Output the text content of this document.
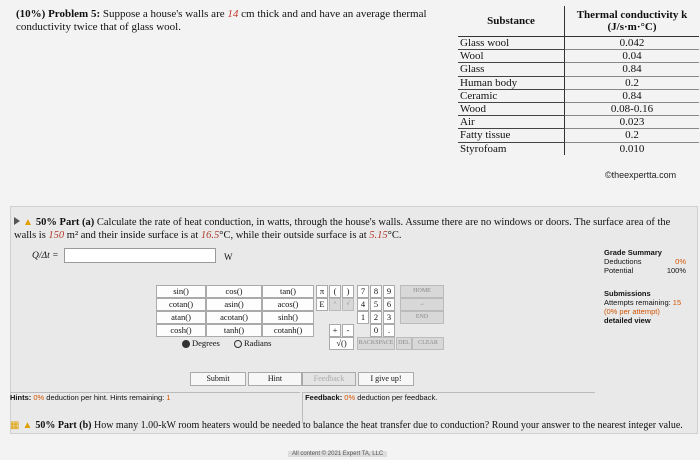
(10%) Problem 5: Suppose a house's walls are 14 cm thick and and have an average thermal conductivity twice that of glass wool.	Substance	Thermal conductivity k
(J/s·m·°C)
Glass wool	0.042
Wool	0.04
Glass	0.84
Human body	0.2
Ceramic	0.84
Wood	0.08-0.16
Air	0.023
Fatty tissue	0.2
Styrofoam	0.010
©theexpertta.com
▲ 50% Part (a) Calculate the rate of heat conduction, in watts, through the house's walls. Assume there are no windows or doors. The surface area of the walls is 150 m² and their inside surface is at 16.5°C, while their outside surface is at 5.15°C.
Q/Δt =	W
sin()	cos()	tan()
cotan()	asin()	acos()
atan()	acotan()	sinh()
cosh()	tanh()	cotanh()
Degrees	Radians
π	(	)
E	^	√
+	-
√()
7	8	9
4	5	6
1	2	3
0	.
HOME
→
END
BACKSPACE DEL	CLEAR
Submit	Hint	Feedback	I give up!
Grade Summary
Deductions	0%
Potential	100%
Submissions
Attempts remaining: 15
(0% per attempt)
detailed view
Hints: 0% deduction per hint. Hints remaining: 1	Feedback: 0% deduction per feedback.
▦ ▲ 50% Part (b) How many 1.00-kW room heaters would be needed to balance the heat transfer due to conduction? Round your answer to the nearest integer value.
All content © 2021 Expert TA, LLC
